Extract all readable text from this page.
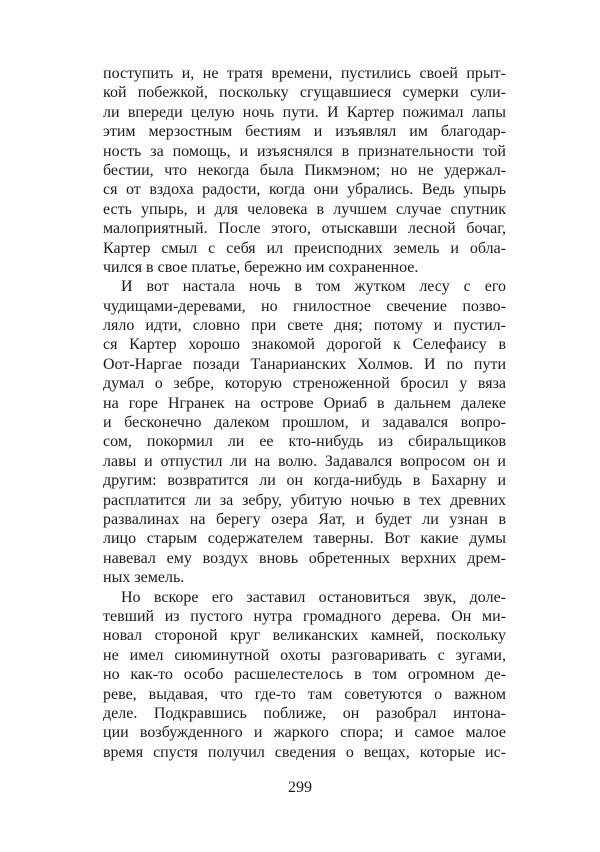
поступить и, не тратя времени, пустились своей прыт-
кой побежкой, поскольку сгущавшиеся сумерки сули-
ли впереди целую ночь пути. И Картер пожимал лапы
этим мерзостным бестиям и изъявлял им благодар-
ность за помощь, и изъяснялся в признательности той
бестии, что некогда была Пикмэном; но не удержал-
ся от вздоха радости, когда они убрались. Ведь упырь
есть упырь, и для человека в лучшем случае спутник
малоприятный. После этого, отыскавши лесной бочаг,
Картер смыл с себя ил преисподних земель и обла-
чился в свое платье, бережно им сохраненное.
И вот настала ночь в том жутком лесу с его
чудищами-деревами, но гнилостное свечение позво-
ляло идти, словно при свете дня; потому и пустил-
ся Картер хорошо знакомой дорогой к Селефаису в
Оот-Наргае позади Танарианских Холмов. И по пути
думал о зебре, которую стреноженной бросил у вяза
на горе Нгранек на острове Ориаб в дальнем далеке
и бесконечно далеком прошлом, и задавался вопро-
сом, покормил ли ее кто-нибудь из сбиральщиков
лавы и отпустил ли на волю. Задавался вопросом он и
другим: возвратится ли он когда-нибудь в Бахарну и
расплатится ли за зебру, убитую ночью в тех древних
развалинах на берегу озера Яат, и будет ли узнан в
лицо старым содержателем таверны. Вот какие думы
навевал ему воздух вновь обретенных верхних дрем-
ных земель.
Но вскоре его заставил остановиться звук, доле-
тевший из пустого нутра громадного дерева. Он ми-
новал стороной круг великанских камней, поскольку
не имел сиюминутной охоты разговаривать с зугами,
но как-то особо расшелестелось в том огромном де-
реве, выдавая, что где-то там советуются о важном
деле. Подкравшись поближе, он разобрал интона-
ции возбужденного и жаркого спора; и самое малое
время спустя получил сведения о вещах, которые ис-
299
